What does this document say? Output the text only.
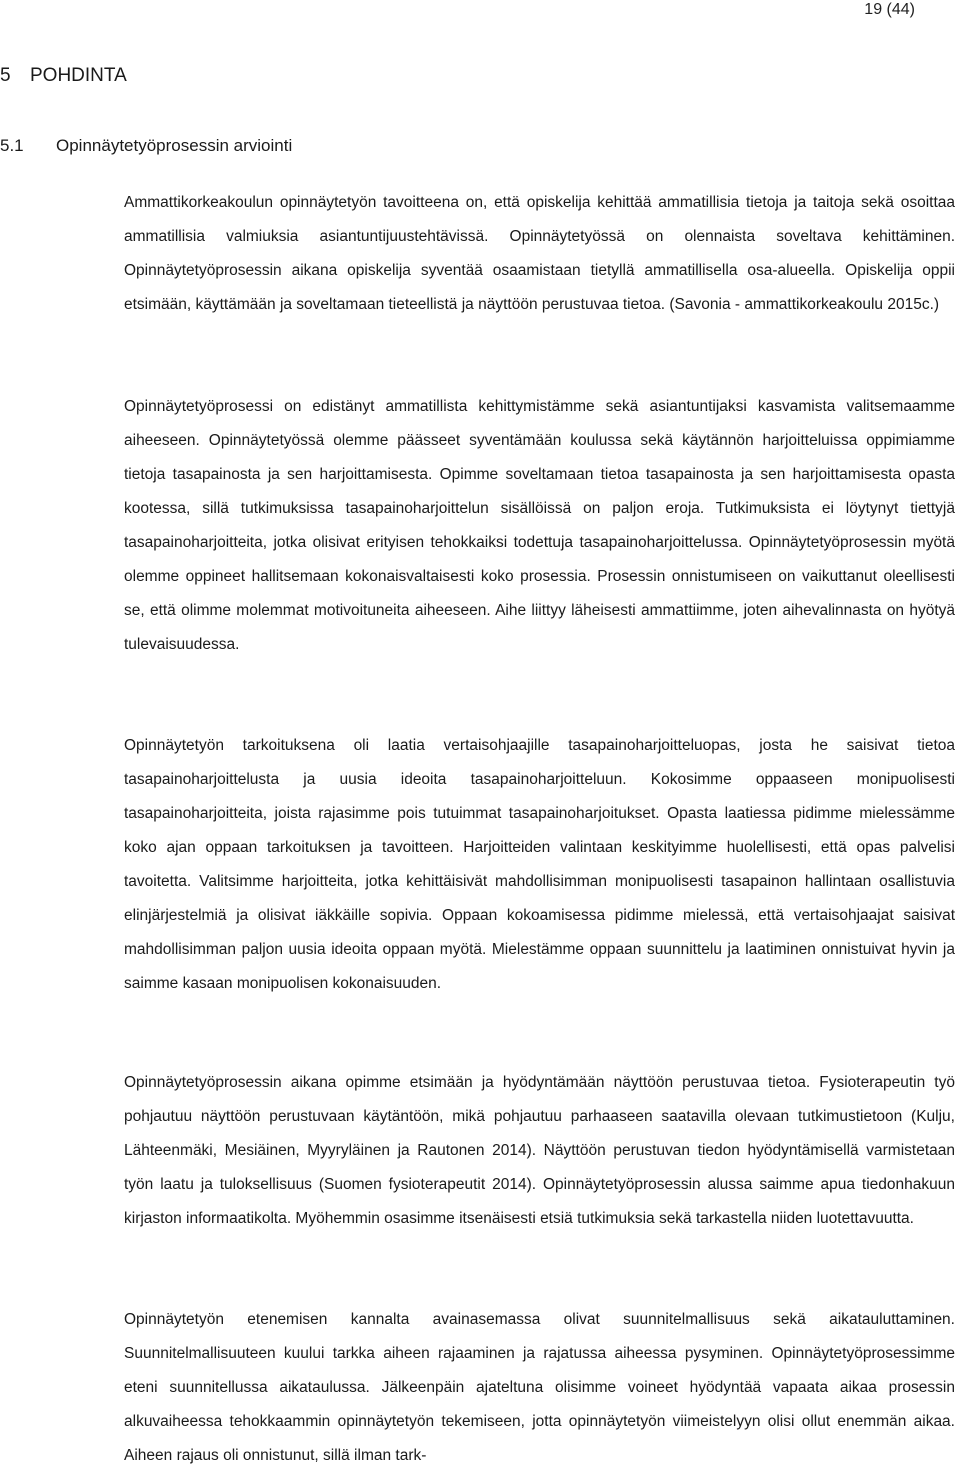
19 (44)
5	POHDINTA
5.1	Opinnäytetyöprosessin arviointi

Ammattikorkeakoulun opinnäytetyön tavoitteena on, että opiskelija kehittää ammatillisia tietoja ja taitoja sekä osoittaa ammatillisia valmiuksia asiantuntijuustehtävissä. Opinnäytetyössä on olennaista soveltava kehittäminen. Opinnäytetyöprosessin aikana opiskelija syventää osaamistaan tietyllä ammatillisella osa-alueella. Opiskelija oppii etsimään, käyttämään ja soveltamaan tieteellistä ja näyttöön perustuvaa tietoa. (Savonia - ammattikorkeakoulu 2015c.)

Opinnäytetyöprosessi on edistänyt ammatillista kehittymistämme sekä asiantuntijaksi kasvamista valitsemaamme aiheeseen. Opinnäytetyössä olemme päässeet syventämään koulussa sekä käytännön harjoitteluissa oppimiamme tietoja tasapainosta ja sen harjoittamisesta. Opimme soveltamaan tietoa tasapainosta ja sen harjoittamisesta opasta kootessa, sillä tutkimuksissa tasapainoharjoittelun sisällöissä on paljon eroja. Tutkimuksista ei löytynyt tiettyjä tasapainoharjoitteita, jotka olisivat erityisen tehokkaiksi todettuja tasapainoharjoittelussa. Opinnäytetyöprosessin myötä olemme oppineet hallitsemaan kokonaisvaltaisesti koko prosessia. Prosessin onnistumiseen on vaikuttanut oleellisesti se, että olimme molemmat motivoituneita aiheeseen. Aihe liittyy läheisesti ammattiimme, joten aihevalinnasta on hyötyä tulevaisuudessa.

Opinnäytetyön tarkoituksena oli laatia vertaisohjaajille tasapainoharjoitteluopas, josta he saisivat tietoa tasapainoharjoittelusta ja uusia ideoita tasapainoharjoitteluun. Kokosimme oppaaseen monipuolisesti tasapainoharjoitteita, joista rajasimme pois tutuimmat tasapainoharjoitukset. Opasta laatiessa pidimme mielessämme koko ajan oppaan tarkoituksen ja tavoitteen. Harjoitteiden valintaan keskityimme huolellisesti, että opas palvelisi tavoitetta. Valitsimme harjoitteita, jotka kehittäisivät mahdollisimman monipuolisesti tasapainon hallintaan osallistuvia elinjärjestelmiä ja olisivat iäkkäille sopivia. Oppaan kokoamisessa pidimme mielessä, että vertaisohjaajat saisivat mahdollisimman paljon uusia ideoita oppaan myötä. Mielestämme oppaan suunnittelu ja laatiminen onnistuivat hyvin ja saimme kasaan monipuolisen kokonaisuuden.

Opinnäytetyöprosessin aikana opimme etsimään ja hyödyntämään näyttöön perustuvaa tietoa. Fysioterapeutin työ pohjautuu näyttöön perustuvaan käytäntöön, mikä pohjautuu parhaaseen saatavilla olevaan tutkimustietoon (Kulju, Lähteenmäki, Mesiäinen, Myyryläinen ja Rautonen 2014). Näyttöön perustuvan tiedon hyödyntämisellä varmistetaan työn laatu ja tuloksellisuus (Suomen fysioterapeutit 2014). Opinnäytetyöprosessin alussa saimme apua tiedonhakuun kirjaston informaatikolta. Myöhemmin osasimme itsenäisesti etsiä tutkimuksia sekä tarkastella niiden luotettavuutta.

Opinnäytetyön etenemisen kannalta avainasemassa olivat suunnitelmallisuus sekä aikatauluttaminen. Suunnitelmallisuuteen kuului tarkka aiheen rajaaminen ja rajatussa aiheessa pysyminen. Opinnäytetyöprosessimme eteni suunnitellussa aikataulussa. Jälkeenpäin ajateltuna olisimme voineet hyödyntää vapaata aikaa prosessin alkuvaiheessa tehokkaammin opinnäytetyön tekemiseen, jotta opinnäytetyön viimeistelyyn olisi ollut enemmän aikaa. Aiheen rajaus oli onnistunut, sillä ilman tark-
